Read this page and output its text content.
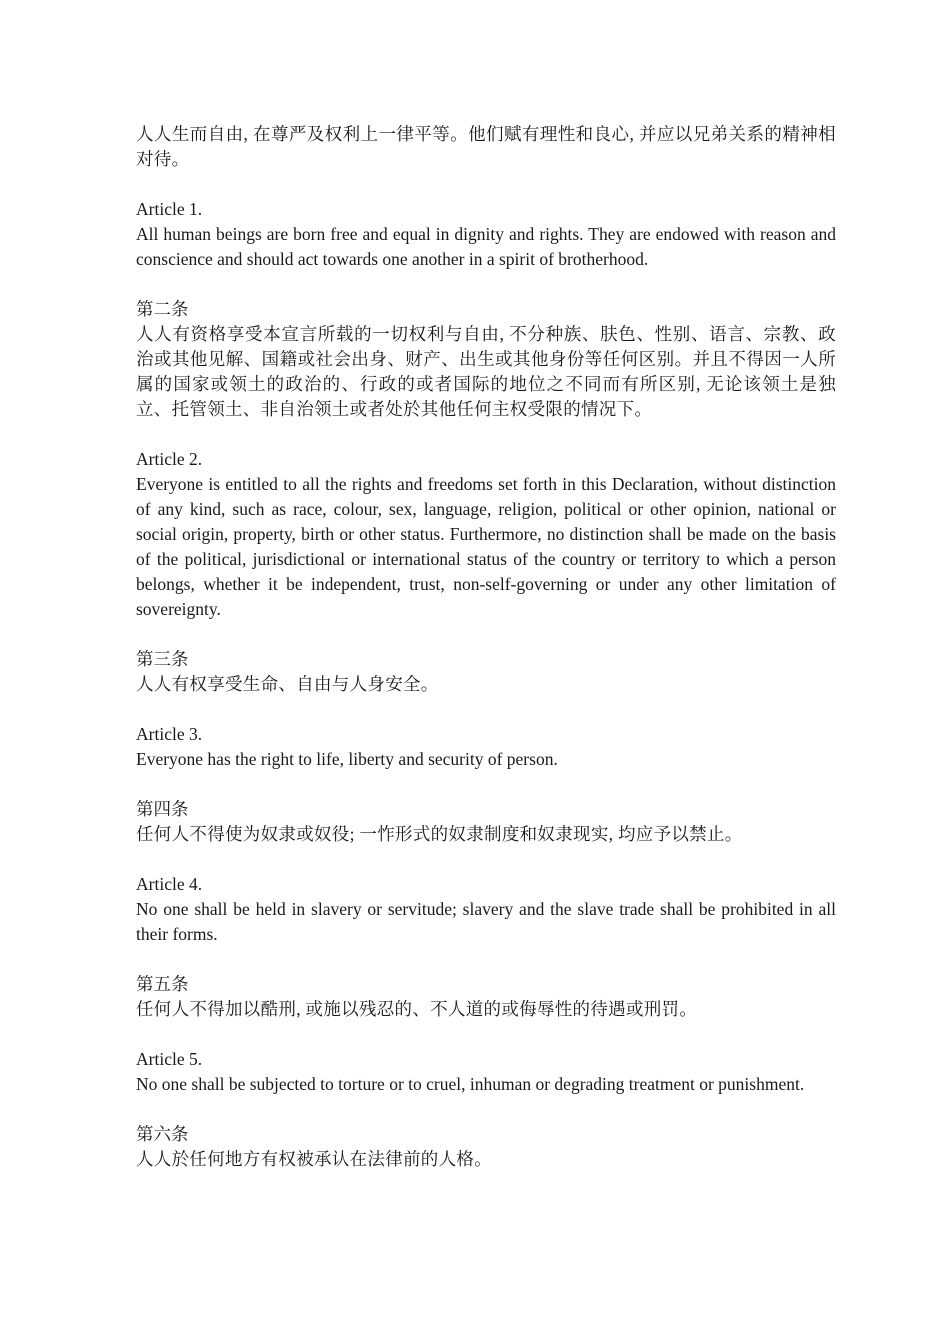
人人生而自由, 在尊严及权利上一律平等。他们赋有理性和良心, 并应以兄弟关系的精神相对待。
Article 1.
All human beings are born free and equal in dignity and rights. They are endowed with reason and conscience and should act towards one another in a spirit of brotherhood.
第二条
人人有资格享受本宣言所载的一切权利与自由, 不分种族、肤色、性别、语言、宗教、政治或其他见解、国籍或社会出身、财产、出生或其他身份等任何区别。并且不得因一人所属的国家或领土的政治的、行政的或者国际的地位之不同而有所区别, 无论该领土是独立、托管领土、非自治领土或者处於其他任何主权受限的情况下。
Article 2.
Everyone is entitled to all the rights and freedoms set forth in this Declaration, without distinction of any kind, such as race, colour, sex, language, religion, political or other opinion, national or social origin, property, birth or other status. Furthermore, no distinction shall be made on the basis of the political, jurisdictional or international status of the country or territory to which a person belongs, whether it be independent, trust, non-self-governing or under any other limitation of sovereignty.
第三条
人人有权享受生命、自由与人身安全。
Article 3.
Everyone has the right to life, liberty and security of person.
第四条
任何人不得使为奴隶或奴役; 一怍形式的奴隶制度和奴隶现实, 均应予以禁止。
Article 4.
No one shall be held in slavery or servitude; slavery and the slave trade shall be prohibited in all their forms.
第五条
任何人不得加以酷刑, 或施以残忍的、不人道的或侮辱性的待遇或刑罚。
Article 5.
No one shall be subjected to torture or to cruel, inhuman or degrading treatment or punishment.
第六条
人人於任何地方有权被承认在法律前的人格。
